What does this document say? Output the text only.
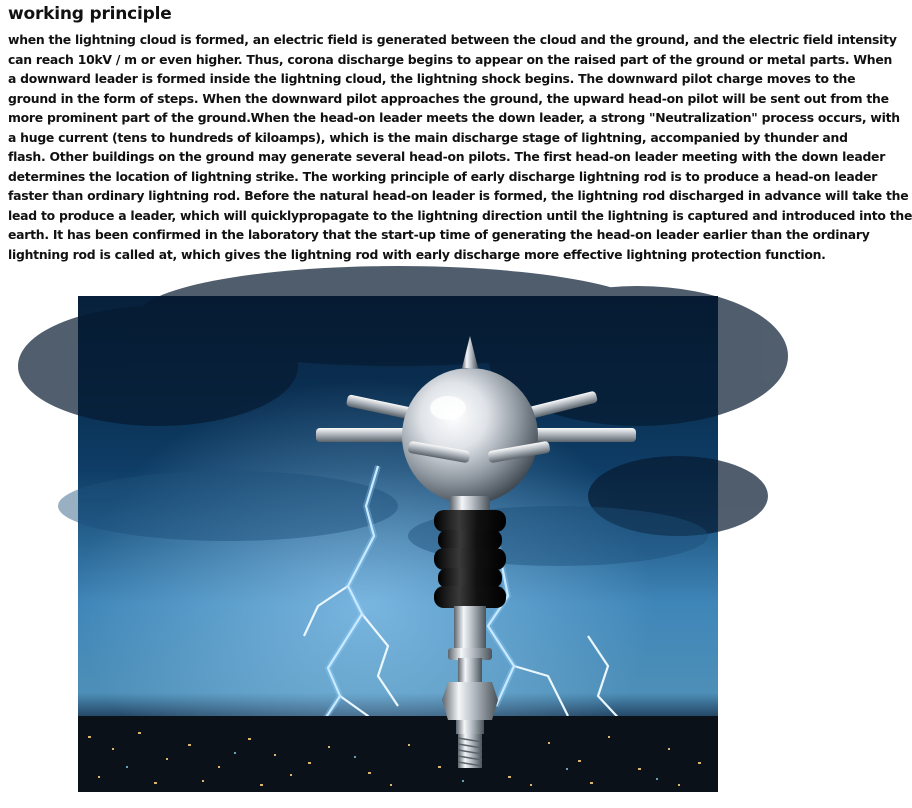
working principle
when the lightning cloud is formed, an electric field is generated between the cloud and the ground, and the electric field intensity
can reach 10kV / m or even higher. Thus, corona discharge begins to appear on the raised part of the ground or metal parts. When
a downward leader is formed inside the lightning cloud, the lightning shock begins. The downward pilot charge moves to the
ground in the form of steps. When the downward pilot approaches the ground, the upward head-on pilot will be sent out from the
more prominent part of the ground.When the head-on leader meets the down leader, a strong "Neutralization" process occurs, with
a huge current (tens to hundreds of kiloamps), which is the main discharge stage of lightning, accompanied by thunder and
flash. Other buildings on the ground may generate several head-on pilots. The first head-on leader meeting with the down leader
determines the location of lightning strike. The working principle of early discharge lightning rod is to produce a head-on leader
faster than ordinary lightning rod. Before the natural head-on leader is formed, the lightning rod discharged in advance will take the
lead to produce a leader, which will quicklypropagate to the lightning direction until the lightning is captured and introduced into the
earth. It has been confirmed in the laboratory that the start-up time of generating the head-on leader earlier than the ordinary
lightning rod is called at, which gives the lightning rod with early discharge more effective lightning protection function.
